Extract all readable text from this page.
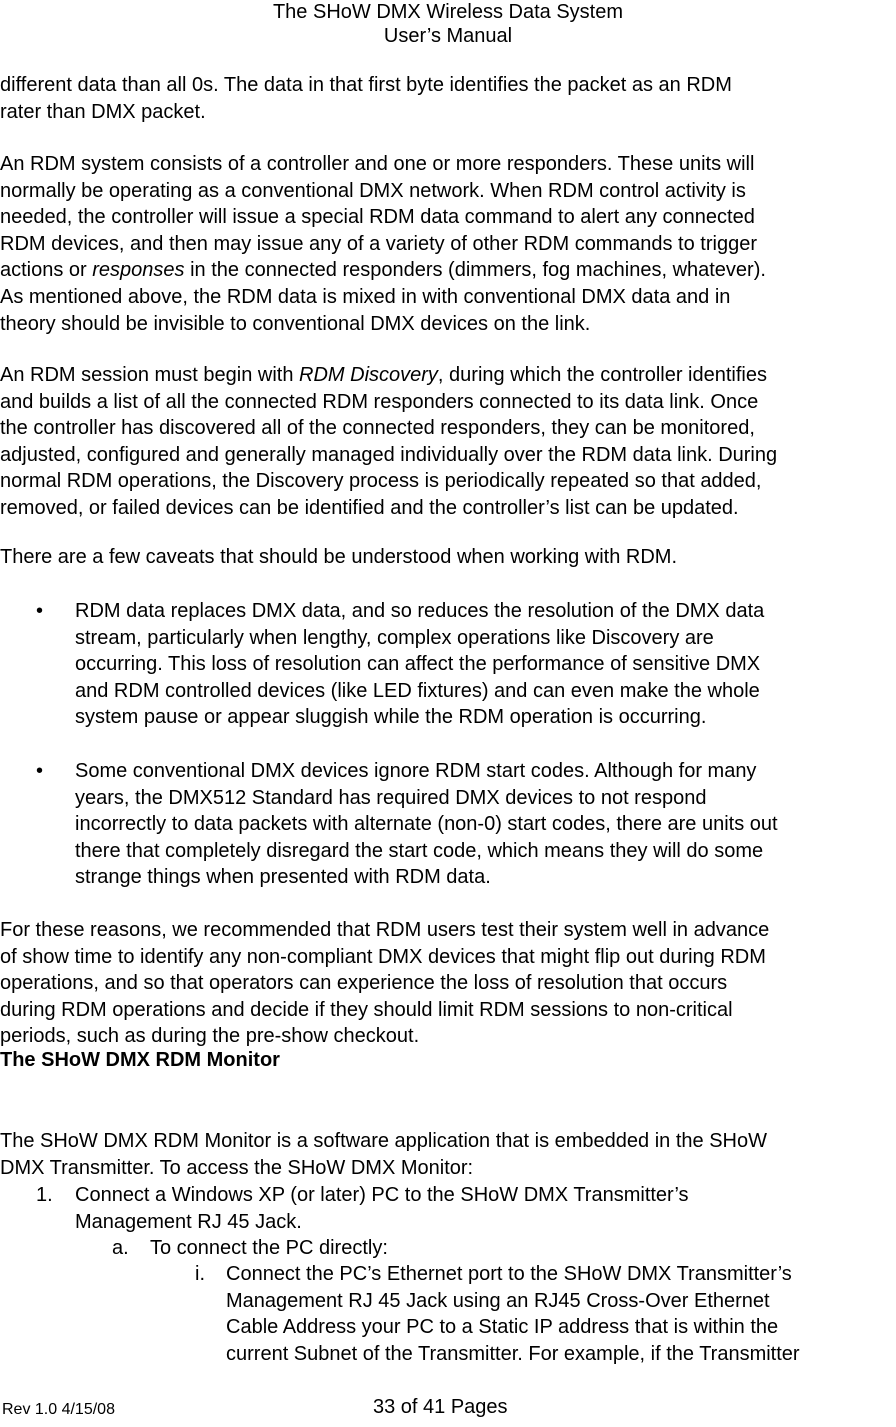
The SHoW DMX Wireless Data System
User’s Manual
different data than all 0s. The data in that first byte identifies the packet as an RDM
rater than DMX packet.
An RDM system consists of a controller and one or more responders. These units will
normally be operating as a conventional DMX network. When RDM control activity is
needed, the controller will issue a special RDM data command to alert any connected
RDM devices, and then may issue any of a variety of other RDM commands to trigger
actions or responses in the connected responders (dimmers, fog machines, whatever).
As mentioned above, the RDM data is mixed in with conventional DMX data and in
theory should be invisible to conventional DMX devices on the link.
An RDM session must begin with RDM Discovery, during which the controller identifies
and builds a list of all the connected RDM responders connected to its data link. Once
the controller has discovered all of the connected responders, they can be monitored,
adjusted, configured and generally managed individually over the RDM data link. During
normal RDM operations, the Discovery process is periodically repeated so that added,
removed, or failed devices can be identified and the controller’s list can be updated.
There are a few caveats that should be understood when working with RDM.
• RDM data replaces DMX data, and so reduces the resolution of the DMX data
stream, particularly when lengthy, complex operations like Discovery are
occurring. This loss of resolution can affect the performance of sensitive DMX
and RDM controlled devices (like LED fixtures) and can even make the whole
system pause or appear sluggish while the RDM operation is occurring.
• Some conventional DMX devices ignore RDM start codes. Although for many
years, the DMX512 Standard has required DMX devices to not respond
incorrectly to data packets with alternate (non-0) start codes, there are units out
there that completely disregard the start code, which means they will do some
strange things when presented with RDM data.
For these reasons, we recommended that RDM users test their system well in advance
of show time to identify any non-compliant DMX devices that might flip out during RDM
operations, and so that operators can experience the loss of resolution that occurs
during RDM operations and decide if they should limit RDM sessions to non-critical
periods, such as during the pre-show checkout.
The SHoW DMX RDM Monitor
The SHoW DMX RDM Monitor is a software application that is embedded in the SHoW
DMX Transmitter. To access the SHoW DMX Monitor:
1. Connect a Windows XP (or later) PC to the SHoW DMX Transmitter’s
Management RJ 45 Jack.
a. To connect the PC directly:
i. Connect the PC’s Ethernet port to the SHoW DMX Transmitter’s
Management RJ 45 Jack using an RJ45 Cross-Over Ethernet
Cable Address your PC to a Static IP address that is within the
current Subnet of the Transmitter. For example, if the Transmitter
Rev 1.0 4/15/08	33 of 41 Pages
